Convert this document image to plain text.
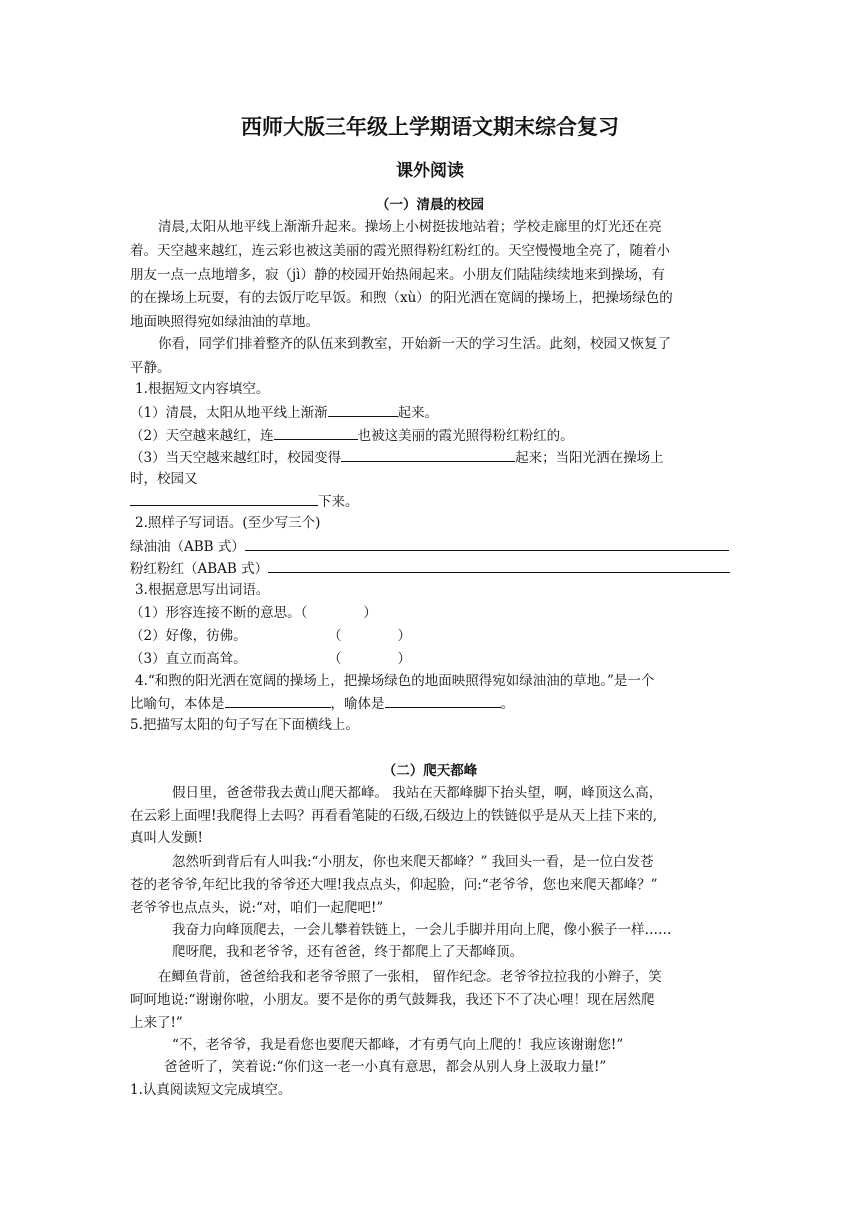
西师大版三年级上学期语文期末综合复习
课外阅读
（一）清晨的校园
清晨,太阳从地平线上渐渐升起来。操场上小树挺拔地站着；学校走廊里的灯光还在亮
着。天空越来越红，连云彩也被这美丽的霞光照得粉红粉红的。天空慢慢地全亮了，随着小
朋友一点一点地增多，寂（jì）静的校园开始热闹起来。小朋友们陆陆续续地来到操场，有
的在操场上玩耍，有的去饭厅吃早饭。和煦（xù）的阳光洒在宽阔的操场上，把操场绿色的
地面映照得宛如绿油油的草地。
你看，同学们排着整齐的队伍来到教室，开始新一天的学习生活。此刻，校园又恢复了
平静。
1.根据短文内容填空。
（1）清晨，太阳从地平线上渐渐	起来。
（2）天空越来越红，连	也被这美丽的霞光照得粉红粉红的。
（3）当天空越来越红时，校园变得	起来；当阳光洒在操场上
时，校园又
下来。
2.照样子写词语。(至少写三个)
绿油油（ABB 式）
粉红粉红（ABAB 式）
3.根据意思写出词语。
（1）形容连接不断的意思。（	）
（2）好像，彷佛。	（	）
（3）直立而高耸。	（	）
4.“和煦的阳光洒在宽阔的操场上，把操场绿色的地面映照得宛如绿油油的草地。”是一个
比喻句，本体是	，喻体是	。
5.把描写太阳的句子写在下面横线上。
（二）爬天都峰
假日里，爸爸带我去黄山爬天都峰。 我站在天都峰脚下抬头望，啊，峰顶这么高，
在云彩上面哩!我爬得上去吗？再看看笔陡的石级,石级边上的铁链似乎是从天上挂下来的,
真叫人发颤!
忽然听到背后有人叫我:“小朋友，你也来爬天都峰？” 我回头一看，是一位白发苍
苍的老爷爷,年纪比我的爷爷还大哩!我点点头，仰起脸，问:“老爷爷，您也来爬天都峰？”
老爷爷也点点头，说:“对，咱们一起爬吧!”
我奋力向峰顶爬去，一会儿攀着铁链上，一会儿手脚并用向上爬，像小猴子一样……
爬呀爬，我和老爷爷，还有爸爸，终于都爬上了天都峰顶。
在鲫鱼背前，爸爸给我和老爷爷照了一张相， 留作纪念。老爷爷拉拉我的小辫子，笑
呵呵地说:“谢谢你啦，小朋友。要不是你的勇气鼓舞我，我还下不了决心哩！现在居然爬
上来了!”
“不，老爷爷，我是看您也要爬天都峰，才有勇气向上爬的！我应该谢谢您!”
爸爸听了，笑着说:“你们这一老一小真有意思，都会从别人身上汲取力量!”
1.认真阅读短文完成填空。
